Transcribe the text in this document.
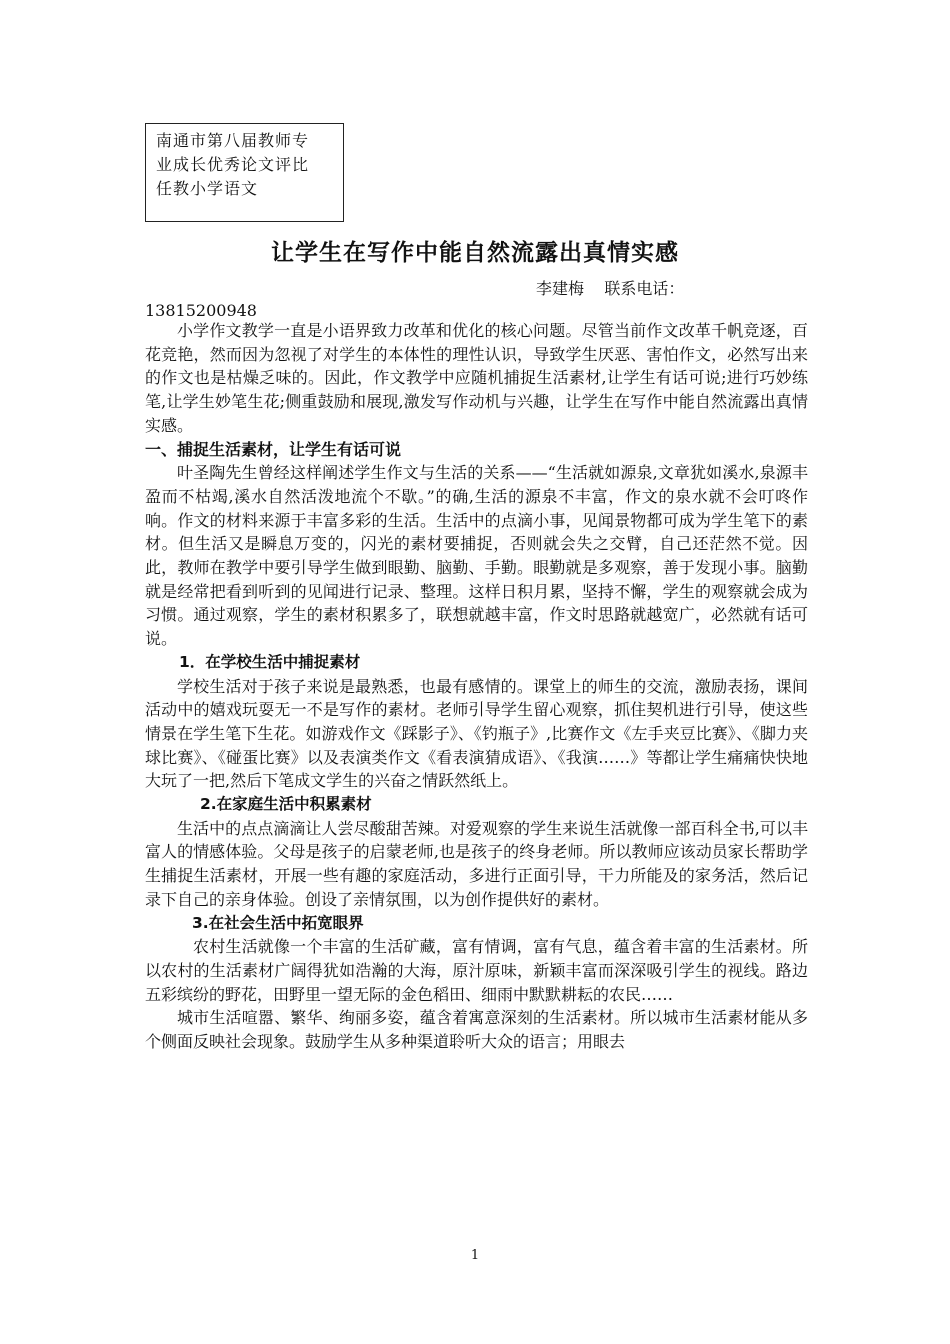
南通市第八届教师专
业成长优秀论文评比
任教小学语文
让学生在写作中能自然流露出真情实感
李建梅    联系电话：
13815200948

小学作文教学一直是小语界致力改革和优化的核心问题。尽管当前作文改革千帆竞逐，百花竞艳，然而因为忽视了对学生的本体性的理性认识，导致学生厌恶、害怕作文，必然写出来的作文也是枯燥乏味的。因此，作文教学中应随机捕捉生活素材,让学生有话可说;进行巧妙练笔,让学生妙笔生花;侧重鼓励和展现,激发写作动机与兴趣，让学生在写作中能自然流露出真情实感。

一、捕捉生活素材，让学生有话可说

叶圣陶先生曾经这样阐述学生作文与生活的关系——“生活就如源泉,文章犹如溪水,泉源丰盈而不枯竭,溪水自然活泼地流个不歇。”的确,生活的源泉不丰富，作文的泉水就不会叮咚作响。作文的材料来源于丰富多彩的生活。生活中的点滴小事，见闻景物都可成为学生笔下的素材。但生活又是瞬息万变的，闪光的素材要捕捉，否则就会失之交臂，自己还茫然不觉。因此，教师在教学中要引导学生做到眼勤、脑勤、手勤。眼勤就是多观察，善于发现小事。脑勤就是经常把看到听到的见闻进行记录、整理。这样日积月累，坚持不懈，学生的观察就会成为习惯。通过观察，学生的素材积累多了，联想就越丰富，作文时思路就越宽广，必然就有话可说。

1．在学校生活中捕捉素材

学校生活对于孩子来说是最熟悉，也最有感情的。课堂上的师生的交流，激励表扬，课间活动中的嬉戏玩耍无一不是写作的素材。老师引导学生留心观察，抓住契机进行引导，使这些情景在学生笔下生花。如游戏作文《踩影子》、《钓瓶子》,比赛作文《左手夹豆比赛》、《脚力夹球比赛》、《碰蛋比赛》以及表演类作文《看表演猜成语》、《我演……》等都让学生痛痛快快地大玩了一把,然后下笔成文学生的兴奋之情跃然纸上。

2.在家庭生活中积累素材

生活中的点点滴滴让人尝尽酸甜苦辣。对爱观察的学生来说生活就像一部百科全书,可以丰富人的情感体验。父母是孩子的启蒙老师,也是孩子的终身老师。所以教师应该动员家长帮助学生捕捉生活素材，开展一些有趣的家庭活动，多进行正面引导，干力所能及的家务活，然后记录下自己的亲身体验。创设了亲情氛围，以为创作提供好的素材。

3.在社会生活中拓宽眼界

农村生活就像一个丰富的生活矿藏，富有情调，富有气息，蕴含着丰富的生活素材。所以农村的生活素材广阔得犹如浩瀚的大海，原汁原味，新颖丰富而深深吸引学生的视线。路边五彩缤纷的野花，田野里一望无际的金色稻田、细雨中默默耕耘的农民……

城市生活喧嚣、繁华、绚丽多姿，蕴含着寓意深刻的生活素材。所以城市生活素材能从多个侧面反映社会现象。鼓励学生从多种渠道聆听大众的语言；用眼去

1
